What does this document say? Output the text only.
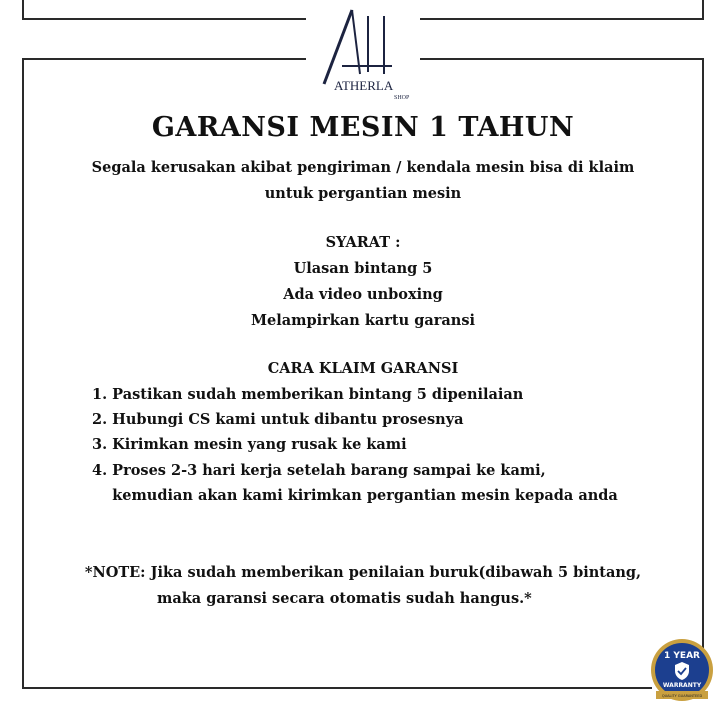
ATHERLA
SHOP
GARANSI MESIN 1 TAHUN
Segala kerusakan akibat pengiriman / kendala mesin bisa di klaim
untuk pergantian mesin
SYARAT :
Ulasan bintang 5
Ada video unboxing
Melampirkan kartu garansi
CARA KLAIM GARANSI
1. Pastikan sudah memberikan bintang 5 dipenilaian
2. Hubungi CS kami untuk dibantu prosesnya
3. Kirimkan mesin yang rusak ke kami
4. Proses 2-3 hari kerja setelah barang sampai ke kami,
kemudian akan kami kirimkan pergantian mesin kepada anda
*NOTE: Jika sudah memberikan penilaian buruk(dibawah 5 bintang,
maka garansi secara otomatis sudah hangus.*
1 YEAR
WARRANTY
QUALITY GUARANTEED
